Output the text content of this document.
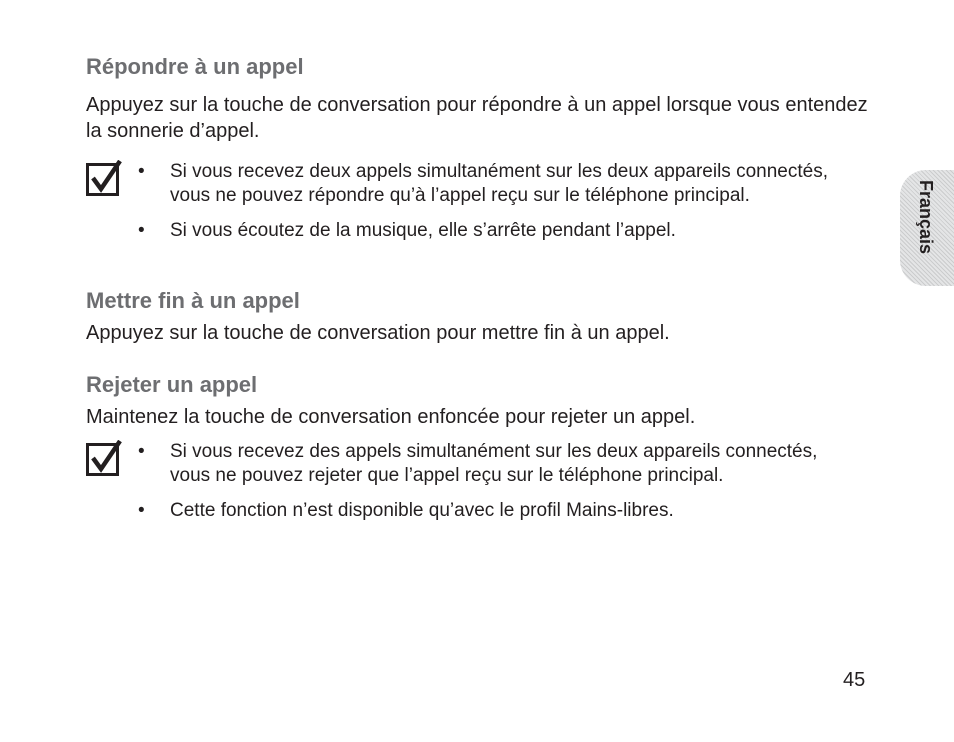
Répondre à un appel

Appuyez sur la touche de conversation pour répondre à un appel lorsque vous entendez la sonnerie d’appel.

• Si vous recevez deux appels simultanément sur les deux appareils connectés, vous ne pouvez répondre qu’à l’appel reçu sur le téléphone principal.
• Si vous écoutez de la musique, elle s’arrête pendant l’appel.
Mettre fin à un appel

Appuyez sur la touche de conversation pour mettre fin à un appel.

Rejeter un appel

Maintenez la touche de conversation enfoncée pour rejeter un appel.

• Si vous recevez des appels simultanément sur les deux appareils connectés, vous ne pouvez rejeter que l’appel reçu sur le téléphone principal.
• Cette fonction n’est disponible qu’avec le profil Mains-libres.
Français
45
